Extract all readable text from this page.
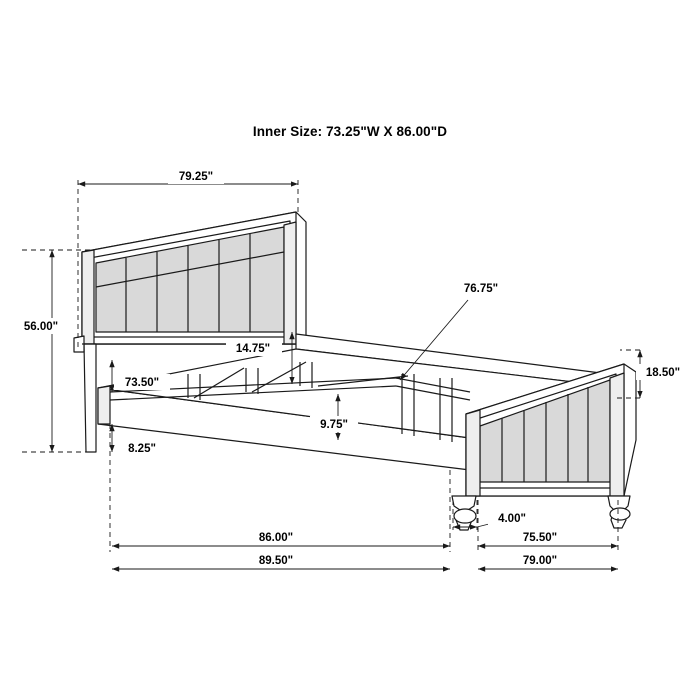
Inner Size: 73.25"W X 86.00"D
79.25"
56.00"
14.75"
76.75"
18.50"
73.50"
9.75"
8.25"
4.00"
86.00"	75.50"
89.50"	79.00"
